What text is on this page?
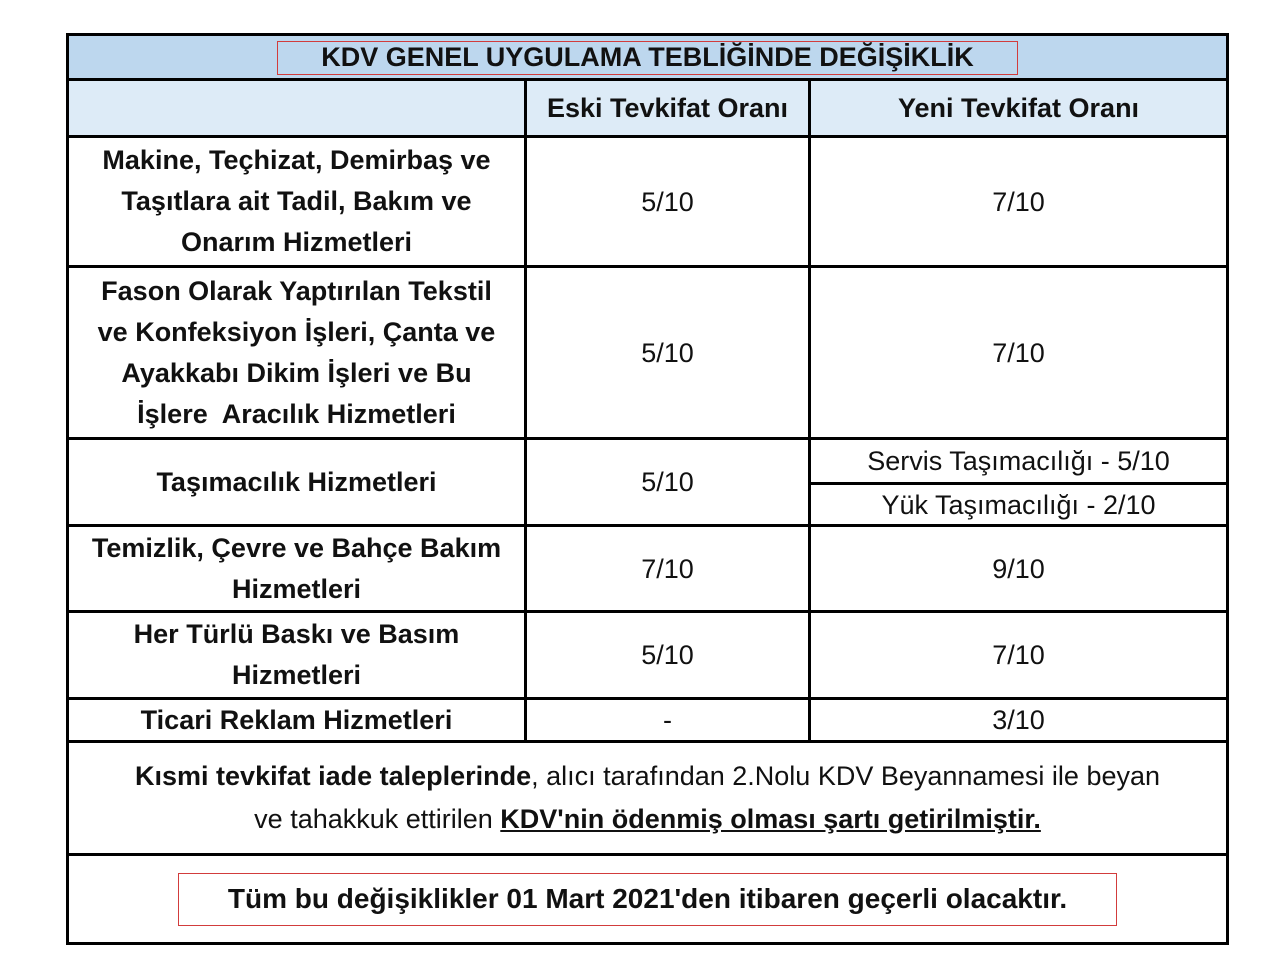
KDV GENEL UYGULAMA TEBLİĞİNDE DEĞİŞİKLİK		
	Eski Tevkifat Oranı	Yeni Tevkifat Oranı

Makine, Teçhizat, Demirbaş ve
Taşıtlara ait Tadil, Bakım ve
Onarım Hizmetleri	5/10	7/10

Fason Olarak Yaptırılan Tekstil
ve Konfeksiyon İşleri, Çanta ve
Ayakkabı Dikim İşleri ve Bu
İşlere  Aracılık Hizmetleri	5/10	7/10

Taşımacılık Hizmetleri	5/10	Servis Taşımacılığı - 5/10
		Yük Taşımacılığı - 2/10

Temizlik, Çevre ve Bahçe Bakım
Hizmetleri	7/10	9/10

Her Türlü Baskı ve Basım
Hizmetleri	5/10	7/10
Ticari Reklam Hizmetleri	-	3/10

Kısmi tevkifat iade taleplerinde, alıcı tarafından 2.Nolu KDV Beyannamesi ile beyan
ve tahakkuk ettirilen KDV'nin ödenmiş olması şartı getirilmiştir.		

Tüm bu değişiklikler 01 Mart 2021'den itibaren geçerli olacaktır.		
